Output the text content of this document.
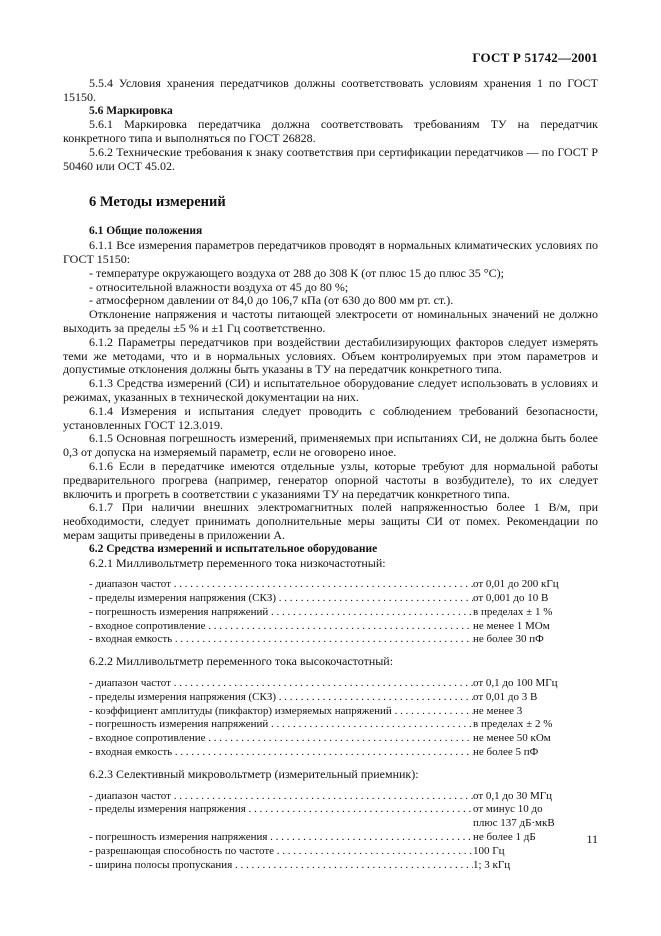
ГОСТ Р 51742—2001

5.5.4 Условия хранения передатчиков должны соответствовать условиям хранения 1 по ГОСТ 15150.

5.6 Маркировка

5.6.1 Маркировка передатчика должна соответствовать требованиям ТУ на передатчик конкретного типа и выполняться по ГОСТ 26828.

5.6.2 Технические требования к знаку соответствия при сертификации передатчиков — по ГОСТ Р 50460 или ОСТ 45.02.

6 Методы измерений
6.1 Общие положения

6.1.1 Все измерения параметров передатчиков проводят в нормальных климатических условиях по ГОСТ 15150:

- температуре окружающего воздуха от 288 до 308 К (от плюс 15 до плюс 35 °С);
- относительной влажности воздуха от 45 до 80 %;
- атмосферном давлении от 84,0 до 106,7 кПа (от 630 до 800 мм рт. ст.).

Отклонение напряжения и частоты питающей электросети от номинальных значений не должно выходить за пределы ±5 % и ±1 Гц соответственно.

6.1.2 Параметры передатчиков при воздействии дестабилизирующих факторов следует измерять теми же методами, что и в нормальных условиях. Объем контролируемых при этом параметров и допустимые отклонения должны быть указаны в ТУ на передатчик конкретного типа.

6.1.3 Средства измерений (СИ) и испытательное оборудование следует использовать в условиях и режимах, указанных в технической документации на них.

6.1.4 Измерения и испытания следует проводить с соблюдением требований безопасности, установленных ГОСТ 12.3.019.

6.1.5 Основная погрешность измерений, применяемых при испытаниях СИ, не должна быть более 0,3 от допуска на измеряемый параметр, если не оговорено иное.

6.1.6 Если в передатчике имеются отдельные узлы, которые требуют для нормальной работы предварительного прогрева (например, генератор опорной частоты в возбудителе), то их следует включить и прогреть в соответствии с указаниями ТУ на передатчик конкретного типа.

6.1.7 При наличии внешних электромагнитных полей напряженностью более 1 В/м, при необходимости, следует принимать дополнительные меры защиты СИ от помех. Рекомендации по мерам защиты приведены в приложении А.

6.2 Средства измерений и испытательное оборудование
6.2.1 Милливольтметр переменного тока низкочастотный:
- диапазон частот . . .	от 0,01 до 200 кГц
- пределы измерения напряжения (СКЗ) . . .	от 0,001 до 10 В
- погрешность измерения напряжений . . .	в пределах ± 1 %
- входное сопротивление . . .	не менее 1 МОм
- входная емкость . . .	не более 30 пФ
6.2.2 Милливольтметр переменного тока высокочастотный:
- диапазон частот . . .	от 0,1 до 100 МГц
- пределы измерения напряжения (СКЗ) . . .	от 0,01 до 3 В
- коэффициент амплитуды (пикфактор) измеряемых напряжений . . .	не менее 3
- погрешность измерения напряжений . . .	в пределах ± 2 %
- входное сопротивление . . .	не менее 50 кОм
- входная емкость . . .	не более 5 пФ
6.2.3 Селективный микровольтметр (измерительный приемник):
- диапазон частот . . .	от 0,1 до 30 МГц
- пределы измерения напряжения . . .	от минус 10 до
плюс 137 дБ·мкВ
- погрешность измерения напряжения . . .	не более 1 дБ
- разрешающая способность по частоте . . .	100 Гц
- ширина полосы пропускания . . .	1; 3 кГц
11
